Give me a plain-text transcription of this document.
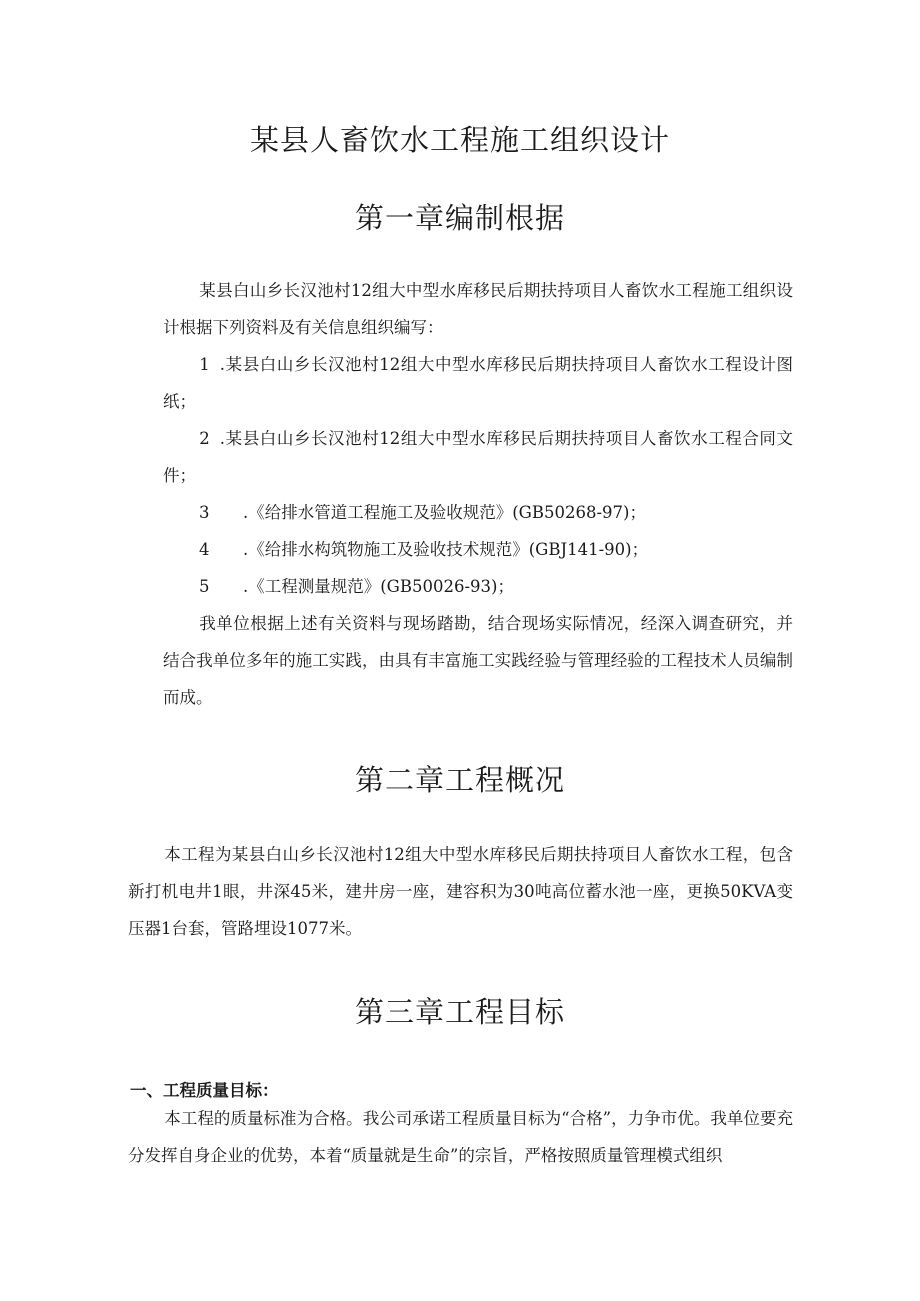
某县人畜饮水工程施工组织设计
第一章编制根据
某县白山乡长汉池村12组大中型水库移民后期扶持项目人畜饮水工程施工组织设计根据下列资料及有关信息组织编写：
1 .某县白山乡长汉池村12组大中型水库移民后期扶持项目人畜饮水工程设计图纸；
2 .某县白山乡长汉池村12组大中型水库移民后期扶持项目人畜饮水工程合同文件；
3 .《给排水管道工程施工及验收规范》(GB50268-97)；
4 .《给排水构筑物施工及验收技术规范》(GBJ141-90)；
5 .《工程测量规范》(GB50026-93)；
我单位根据上述有关资料与现场踏勘，结合现场实际情况，经深入调查研究，并结合我单位多年的施工实践，由具有丰富施工实践经验与管理经验的工程技术人员编制而成。
第二章工程概况
本工程为某县白山乡长汉池村12组大中型水库移民后期扶持项目人畜饮水工程，包含新打机电井1眼，井深45米，建井房一座，建容积为30吨高位蓄水池一座，更换50KVA变压器1台套，管路埋设1077米。
第三章工程目标
一、工程质量目标：
本工程的质量标准为合格。我公司承诺工程质量目标为“合格”，力争市优。我单位要充分发挥自身企业的优势，本着“质量就是生命”的宗旨，严格按照质量管理模式组织
